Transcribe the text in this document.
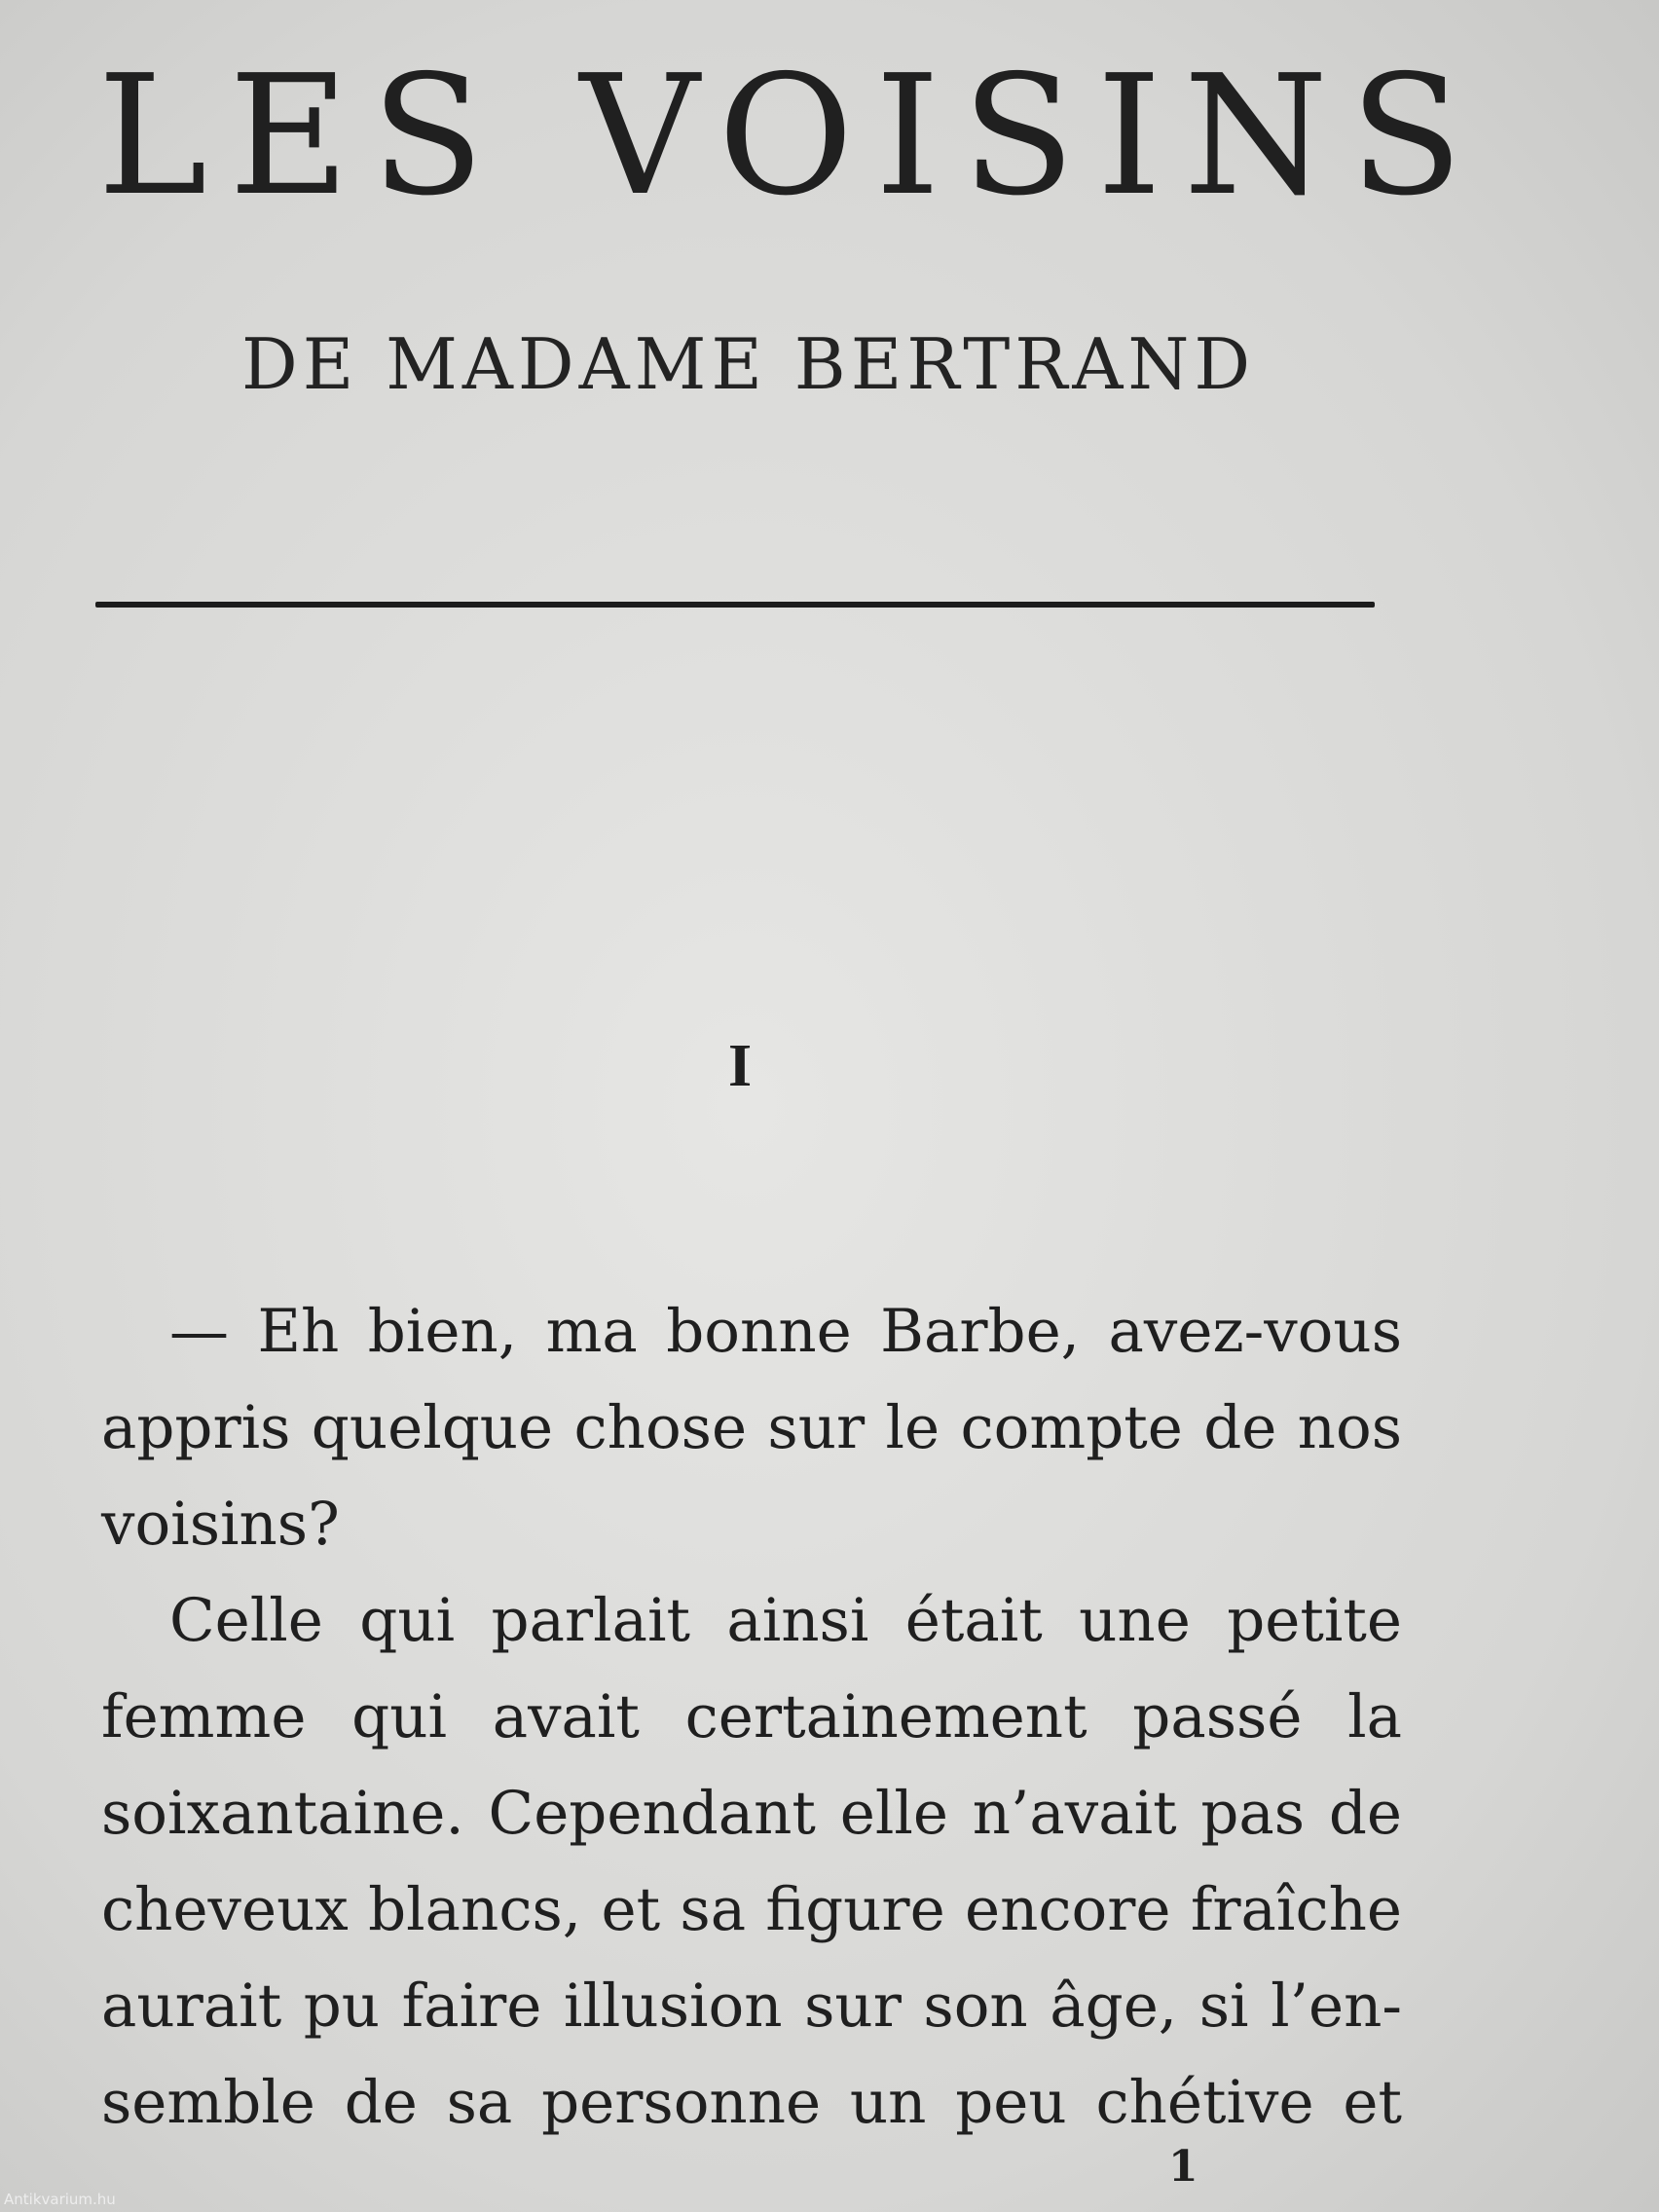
LES VOISINS
DE MADAME BERTRAND
I
— Eh bien, ma bonne Barbe, avez-vous
appris quelque chose sur le compte de nos
voisins?
Celle qui parlait ainsi était une petite
femme qui avait certainement passé la
soixantaine. Cependant elle n’avait pas de
cheveux blancs, et sa figure encore fraîche
aurait pu faire illusion sur son âge, si l’en-
semble de sa personne un peu chétive et
1
Antikvarium.hu
